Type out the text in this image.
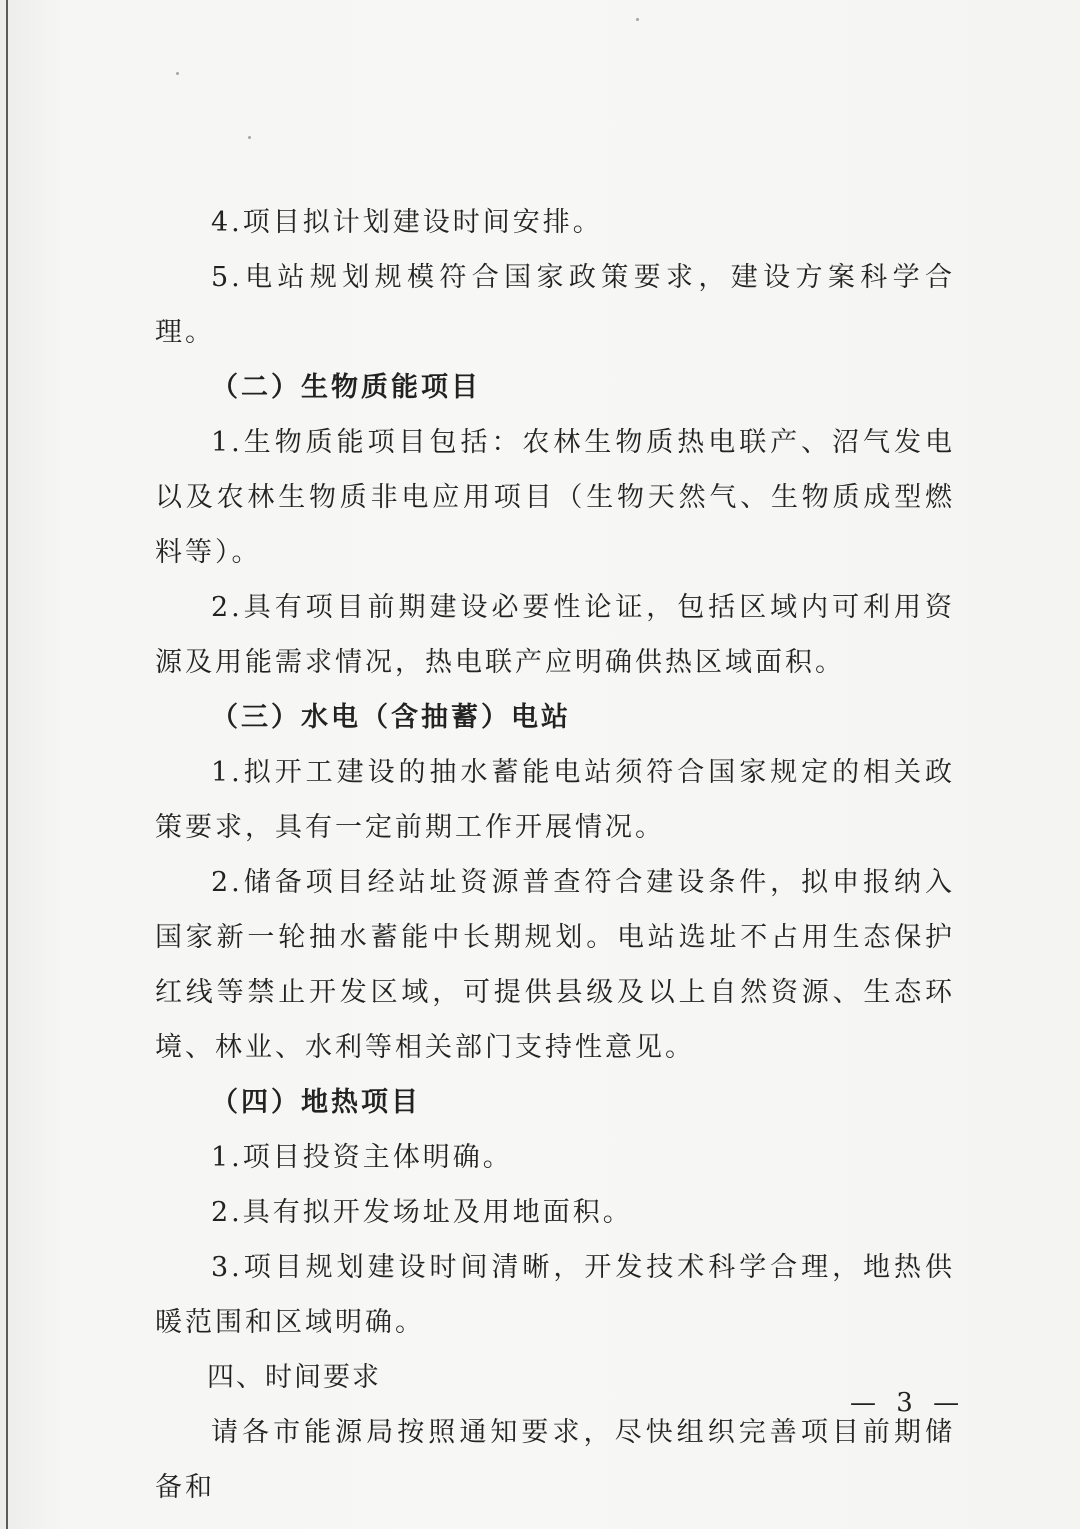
4.项目拟计划建设时间安排。

5.电站规划规模符合国家政策要求，建设方案科学合理。

（二）生物质能项目

1.生物质能项目包括：农林生物质热电联产、沼气发电以及农林生物质非电应用项目（生物天然气、生物质成型燃料等）。

2.具有项目前期建设必要性论证，包括区域内可利用资源及用能需求情况，热电联产应明确供热区域面积。

（三）水电（含抽蓄）电站

1.拟开工建设的抽水蓄能电站须符合国家规定的相关政策要求，具有一定前期工作开展情况。

2.储备项目经站址资源普查符合建设条件，拟申报纳入国家新一轮抽水蓄能中长期规划。电站选址不占用生态保护红线等禁止开发区域，可提供县级及以上自然资源、生态环境、林业、水利等相关部门支持性意见。

（四）地热项目

1.项目投资主体明确。

2.具有拟开发场址及用地面积。

3.项目规划建设时间清晰，开发技术科学合理，地热供暖范围和区域明确。

四、时间要求

请各市能源局按照通知要求，尽快组织完善项目前期储备和

— 3 —
